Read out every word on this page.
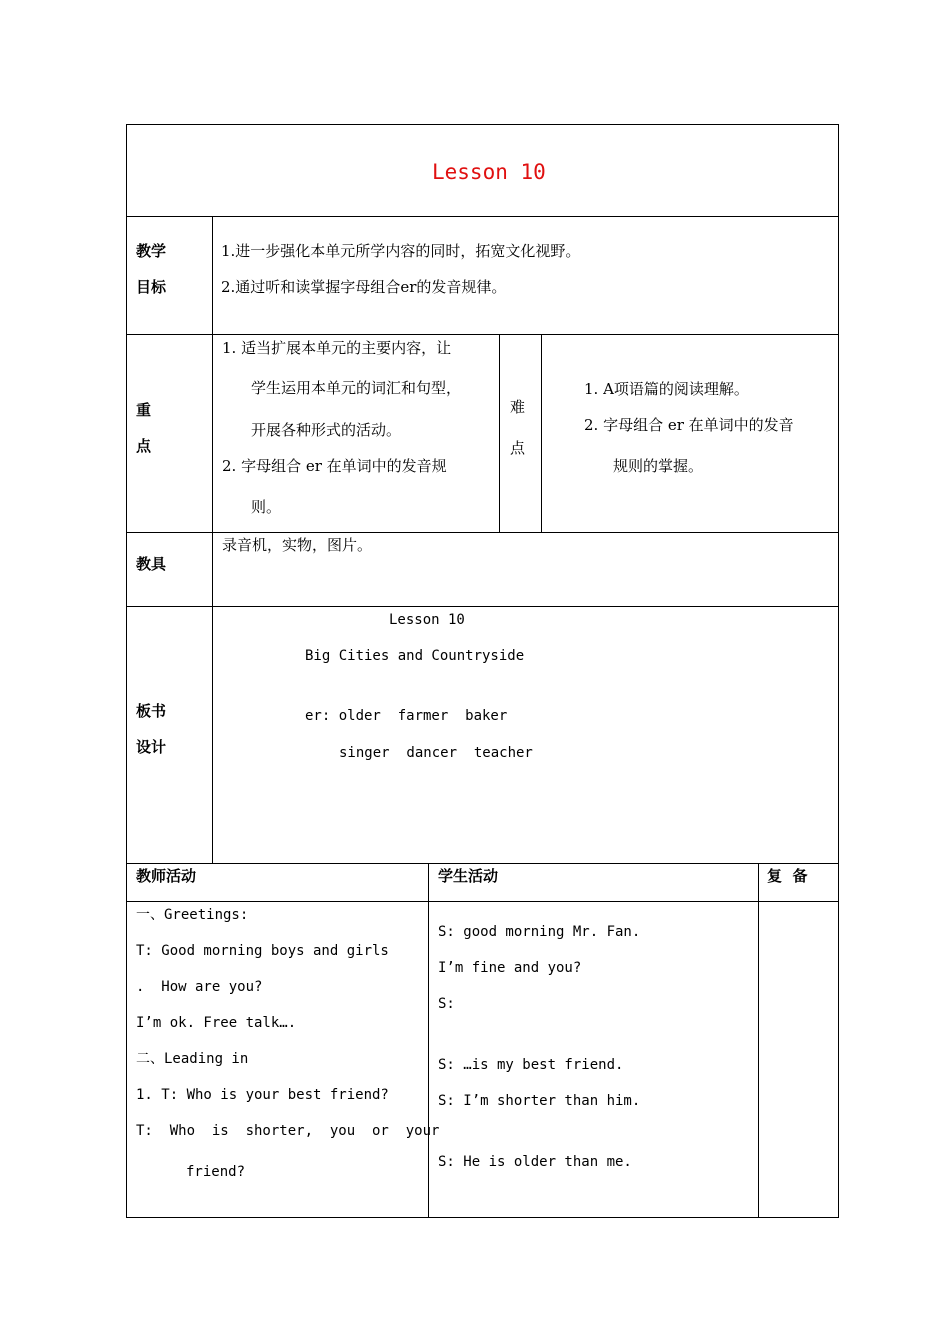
Lesson 10
教学
目标
1.进一步强化本单元所学内容的同时，拓宽文化视野。
2.通过听和读掌握字母组合er的发音规律。
重
点
1. 适当扩展本单元的主要内容，让
学生运用本单元的词汇和句型，
开展各种形式的活动。
2. 字母组合 er 在单词中的发音规
则。
难
点
1. A项语篇的阅读理解。
2. 字母组合 er 在单词中的发音
规则的掌握。
教具
录音机，实物，图片。
板书
设计
Lesson 10
Big Cities and Countryside
er: older  farmer  baker
singer  dancer  teacher
教师活动	学生活动	复  备
一、Greetings:
T: Good morning boys and girls
.  How are you?
I’m ok. Free talk….
二、Leading in
1. T: Who is your best friend?
T:  Who  is  shorter,  you  or  your
friend?
S: good morning Mr. Fan.
I’m fine and you?
S:
S: …is my best friend.
S: I’m shorter than him.
S: He is older than me.
